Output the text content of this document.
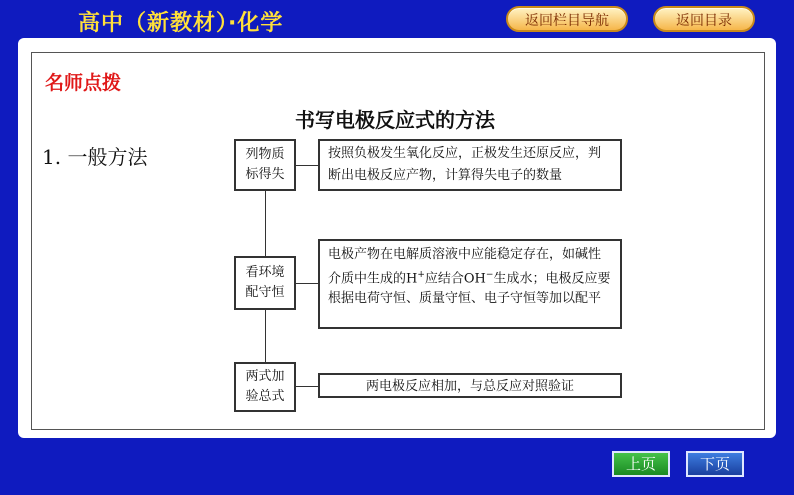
高中（新教材）·化学	返回栏目导航	返回目录
名师点拨
书写电极反应式的方法
1. 一般方法	列物质
标得失
按照负极发生氧化反应，正极发生还原反应，判断出电极反应产物，计算得失电子的数量
看环境
配守恒
电极产物在电解质溶液中应能稳定存在，如碱性介质中生成的H+应结合OH−生成水；电极反应要根据电荷守恒、质量守恒、电子守恒等加以配平
两式加
验总式
两电极反应相加，与总反应对照验证
上页	下页
